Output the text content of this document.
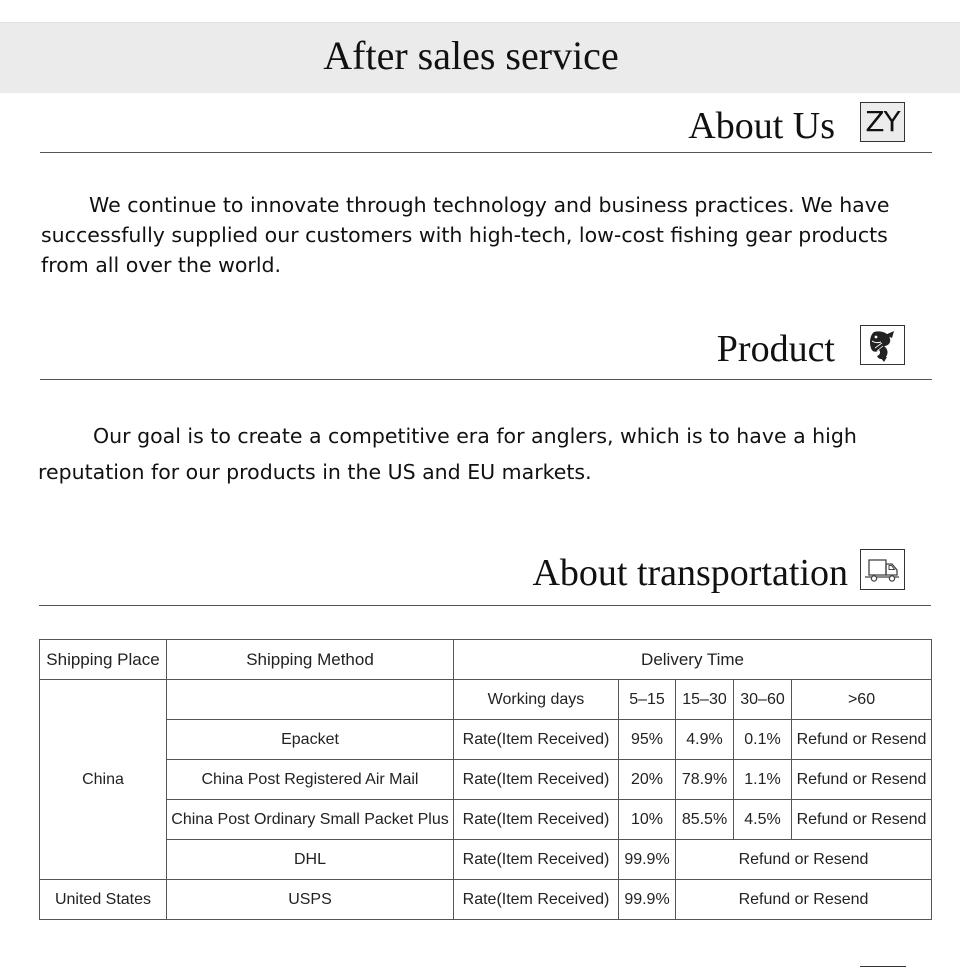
After sales service
About Us ZY
We continue to innovate through technology and business practices. We have
successfully supplied our customers with high-tech, low-cost fishing gear products
from all over the world.
Product
Our goal is to create a competitive era for anglers, which is to have a high
reputation for our products in the US and EU markets.
About transportation
Shipping Place	Shipping Method	Delivery Time				
China		Working days	5–15	15–30	30–60	>60
	Epacket	Rate(Item Received)	95%	4.9%	0.1%	Refund or Resend
	China Post Registered Air Mail	Rate(Item Received)	20%	78.9%	1.1%	Refund or Resend
	China Post Ordinary Small Packet Plus	Rate(Item Received)	10%	85.5%	4.5%	Refund or Resend
	DHL	Rate(Item Received)	99.9%	Refund or Resend		
United States	USPS	Rate(Item Received)	99.9%	Refund or Resend		
